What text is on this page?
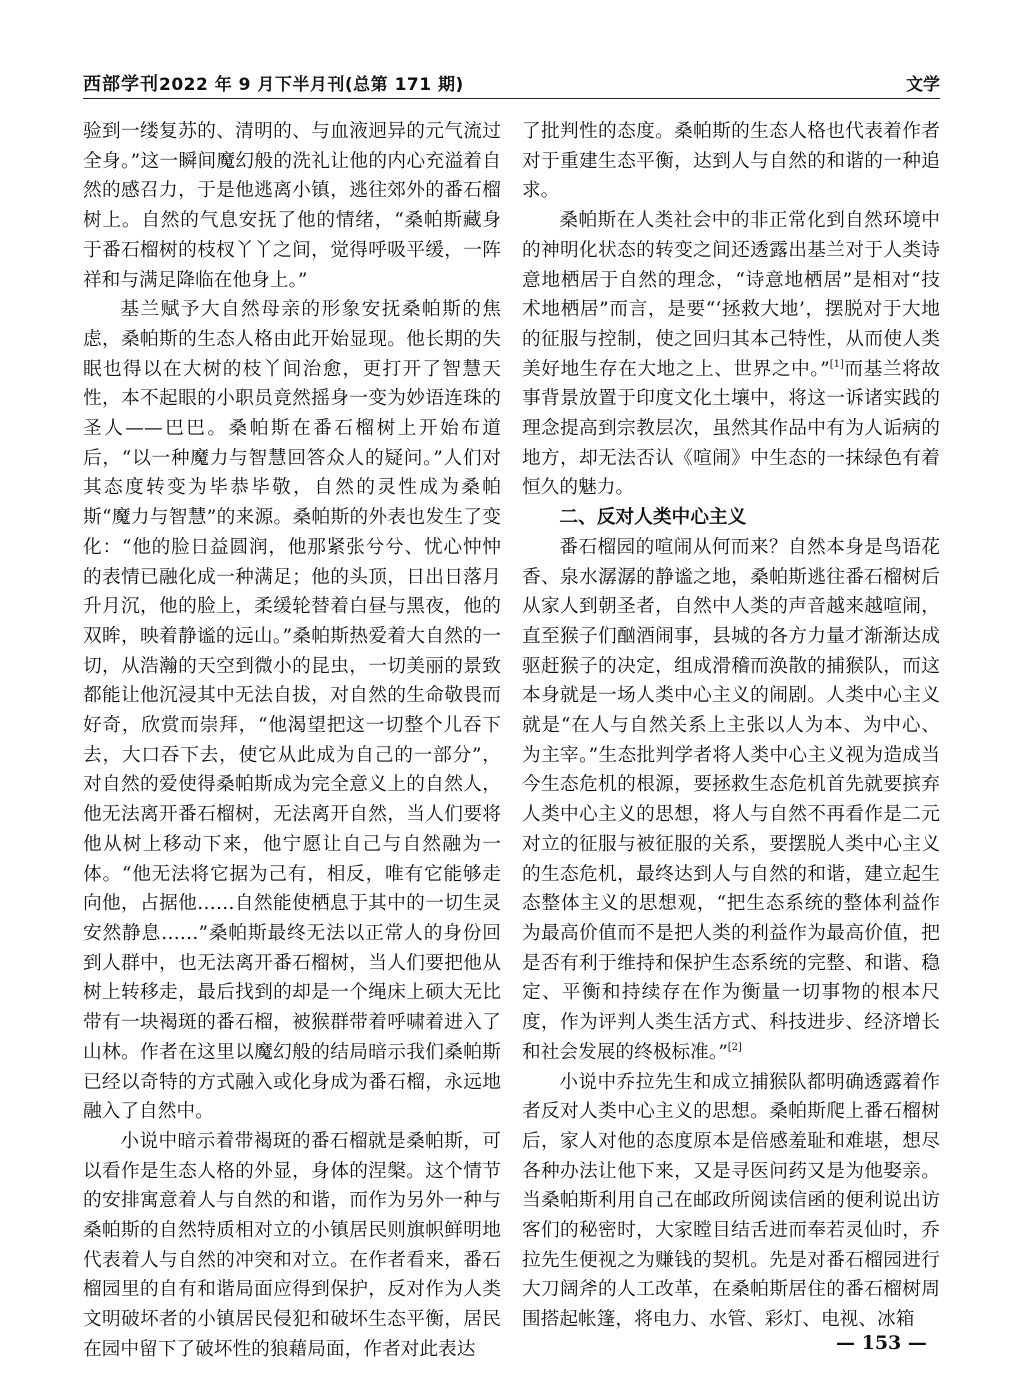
西部学刊2022 年 9 月下半月刊(总第 171 期)	文学

验到一缕复苏的、清明的、与血液迥异的元气流过全身。”这一瞬间魔幻般的洗礼让他的内心充溢着自然的感召力，于是他逃离小镇，逃往郊外的番石榴树上。自然的气息安抚了他的情绪，“桑帕斯藏身于番石榴树的枝杈丫丫之间，觉得呼吸平缓，一阵祥和与满足降临在他身上。”

基兰赋予大自然母亲的形象安抚桑帕斯的焦虑，桑帕斯的生态人格由此开始显现。他长期的失眠也得以在大树的枝丫间治愈，更打开了智慧天性，本不起眼的小职员竟然摇身一变为妙语连珠的圣人——巴巴。桑帕斯在番石榴树上开始布道后，“以一种魔力与智慧回答众人的疑问。”人们对其态度转变为毕恭毕敬，自然的灵性成为桑帕斯“魔力与智慧”的来源。桑帕斯的外表也发生了变化：“他的脸日益圆润，他那紧张兮兮、忧心忡忡的表情已融化成一种满足；他的头顶，日出日落月升月沉，他的脸上，柔缓轮替着白昼与黑夜，他的双眸，映着静谧的远山。”桑帕斯热爱着大自然的一切，从浩瀚的天空到微小的昆虫，一切美丽的景致都能让他沉浸其中无法自拔，对自然的生命敬畏而好奇，欣赏而崇拜，“他渴望把这一切整个儿吞下去，大口吞下去，使它从此成为自己的一部分”，对自然的爱使得桑帕斯成为完全意义上的自然人，他无法离开番石榴树，无法离开自然，当人们要将他从树上移动下来，他宁愿让自己与自然融为一体。“他无法将它据为己有，相反，唯有它能够走向他，占据他……自然能使栖息于其中的一切生灵安然静息……”桑帕斯最终无法以正常人的身份回到人群中，也无法离开番石榴树，当人们要把他从树上转移走，最后找到的却是一个绳床上硕大无比带有一块褐斑的番石榴，被猴群带着呼啸着进入了山林。作者在这里以魔幻般的结局暗示我们桑帕斯已经以奇特的方式融入或化身成为番石榴，永远地融入了自然中。

小说中暗示着带褐斑的番石榴就是桑帕斯，可以看作是生态人格的外显，身体的涅槃。这个情节的安排寓意着人与自然的和谐，而作为另外一种与桑帕斯的自然特质相对立的小镇居民则旗帜鲜明地代表着人与自然的冲突和对立。在作者看来，番石榴园里的自有和谐局面应得到保护，反对作为人类文明破坏者的小镇居民侵犯和破坏生态平衡，居民在园中留下了破坏性的狼藉局面，作者对此表达

了批判性的态度。桑帕斯的生态人格也代表着作者对于重建生态平衡，达到人与自然的和谐的一种追求。

桑帕斯在人类社会中的非正常化到自然环境中的神明化状态的转变之间还透露出基兰对于人类诗意地栖居于自然的理念，“诗意地栖居”是相对“技术地栖居”而言，是要“‘拯救大地’，摆脱对于大地的征服与控制，使之回归其本己特性，从而使人类美好地生存在大地之上、世界之中。”[1]而基兰将故事背景放置于印度文化土壤中，将这一诉诸实践的理念提高到宗教层次，虽然其作品中有为人诟病的地方，却无法否认《喧闹》中生态的一抹绿色有着恒久的魅力。

二、反对人类中心主义

番石榴园的喧闹从何而来？自然本身是鸟语花香、泉水潺潺的静谧之地，桑帕斯逃往番石榴树后从家人到朝圣者，自然中人类的声音越来越喧闹，直至猴子们酗酒闹事，县城的各方力量才渐渐达成驱赶猴子的决定，组成滑稽而涣散的捕猴队，而这本身就是一场人类中心主义的闹剧。人类中心主义就是“在人与自然关系上主张以人为本、为中心、为主宰。”生态批判学者将人类中心主义视为造成当今生态危机的根源，要拯救生态危机首先就要摈弃人类中心主义的思想，将人与自然不再看作是二元对立的征服与被征服的关系，要摆脱人类中心主义的生态危机，最终达到人与自然的和谐，建立起生态整体主义的思想观，“把生态系统的整体利益作为最高价值而不是把人类的利益作为最高价值，把是否有利于维持和保护生态系统的完整、和谐、稳定、平衡和持续存在作为衡量一切事物的根本尺度，作为评判人类生活方式、科技进步、经济增长和社会发展的终极标准。”[2]

小说中乔拉先生和成立捕猴队都明确透露着作者反对人类中心主义的思想。桑帕斯爬上番石榴树后，家人对他的态度原本是倍感羞耻和难堪，想尽各种办法让他下来，又是寻医问药又是为他娶亲。当桑帕斯利用自己在邮政所阅读信函的便利说出访客们的秘密时，大家瞠目结舌进而奉若灵仙时，乔拉先生便视之为赚钱的契机。先是对番石榴园进行大刀阔斧的人工改革，在桑帕斯居住的番石榴树周围搭起帐篷，将电力、水管、彩灯、电视、冰箱

— 153 —
